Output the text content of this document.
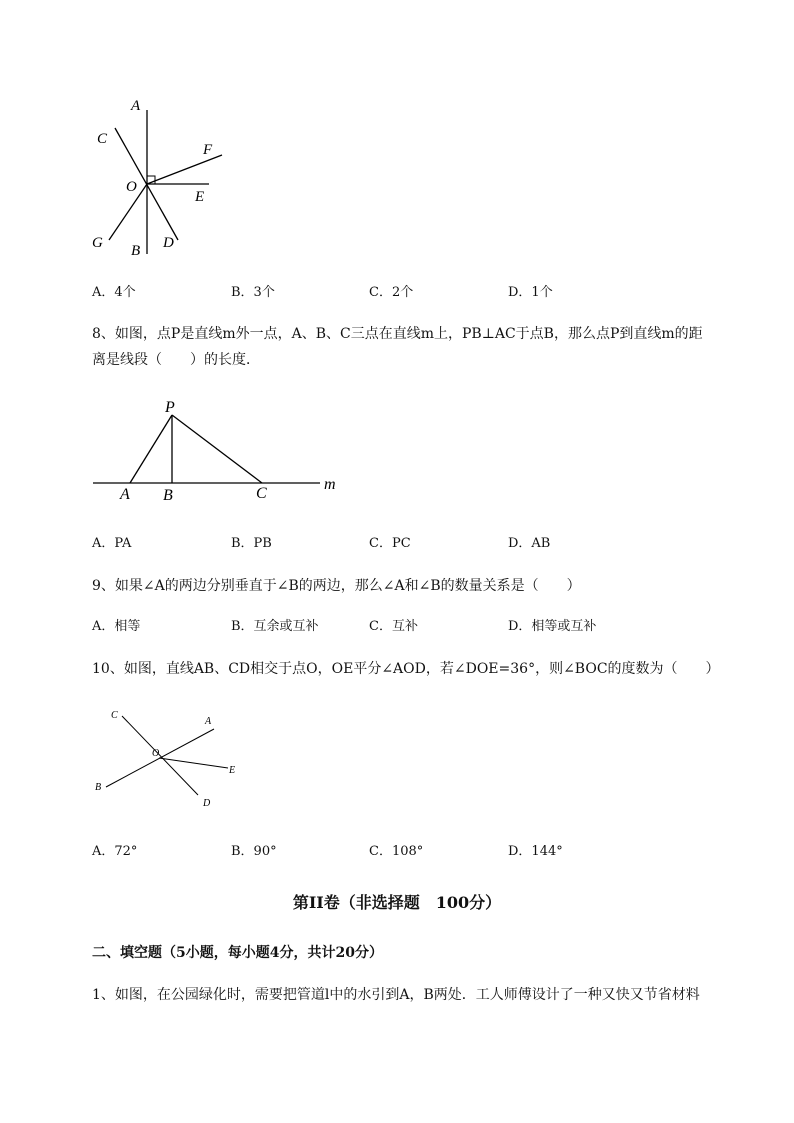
A
C
F
O
E
G B D
A．4个	B．3个	C．2个	D．1个
8、如图，点P是直线m外一点，A、B、C三点在直线m上，PB⊥AC于点B，那么点P到直线m的距
离是线段（　　）的长度．
P
A B	C
m
A．PA	B．PB	C．PC	D．AB
9、如果∠A的两边分别垂直于∠B的两边，那么∠A和∠B的数量关系是（　　）
A．相等	B．互余或互补	C．互补	D．相等或互补
10、如图，直线AB、CD相交于点O，OE平分∠AOD，若∠DOE=36°，则∠BOC的度数为（　　）
C
A
O
E
B
D
A．72°	B．90°	C．108°	D．144°
第II卷（非选择题　100分）
二、填空题（5小题，每小题4分，共计20分）
1、如图，在公园绿化时，需要把管道l中的水引到A，B两处．工人师傅设计了一种又快又节省材料
